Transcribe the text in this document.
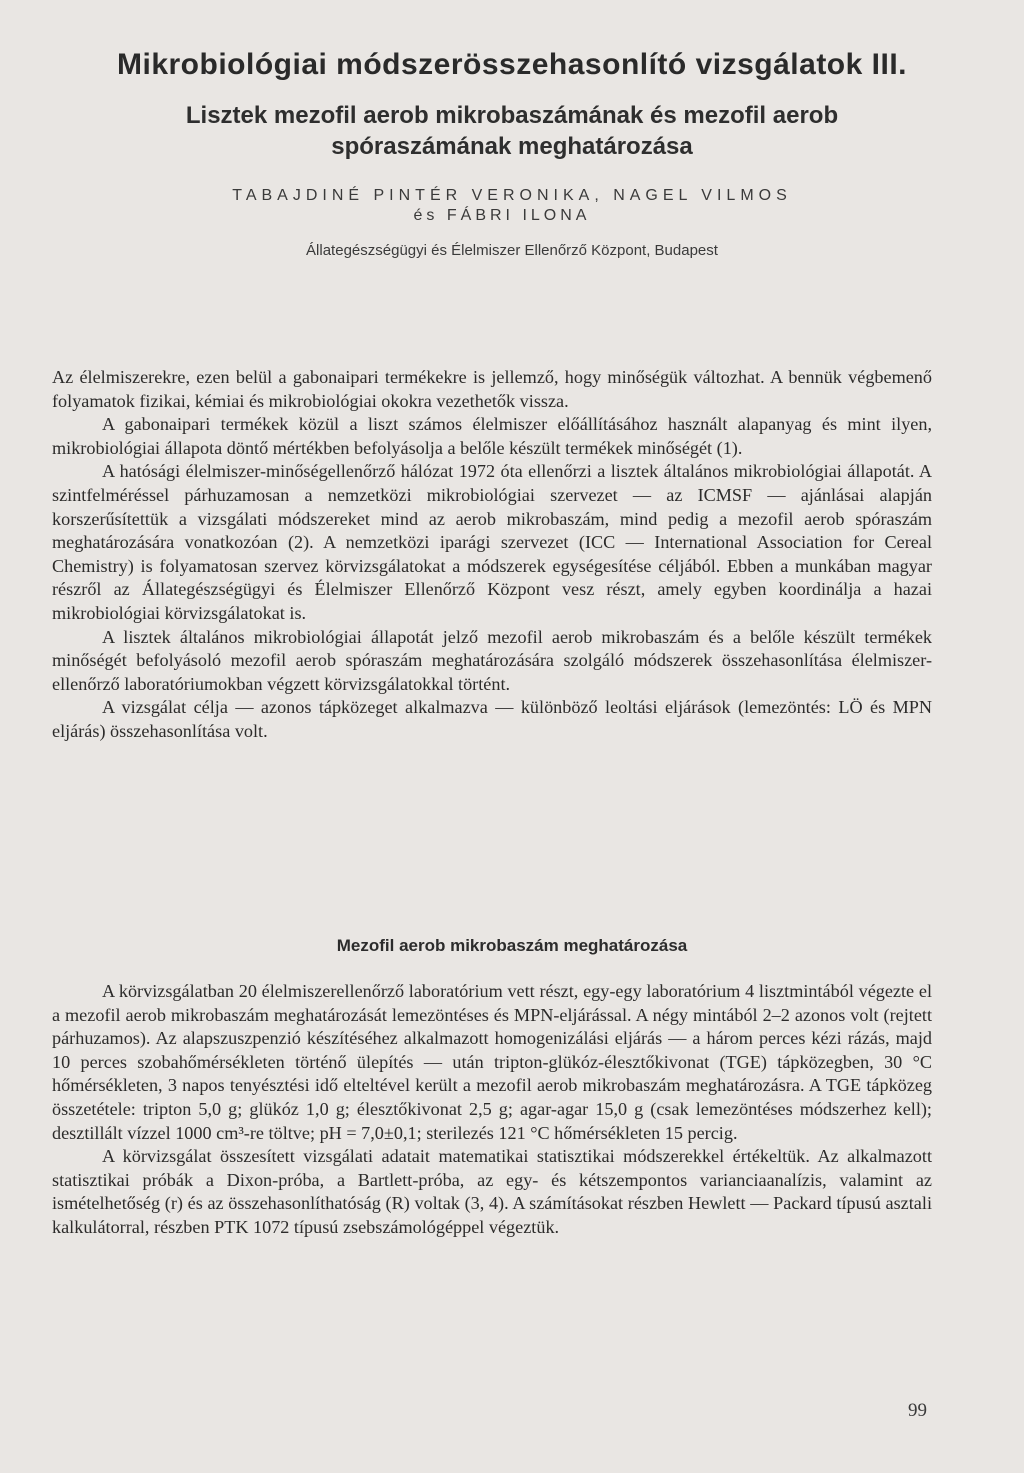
Mikrobiológiai módszerösszehasonlító vizsgálatok III.
Lisztek mezofil aerob mikrobaszámának és mezofil aerob
spóraszámának meghatározása
TABAJDINÉ PINTÉR VERONIKA, NAGEL VILMOS
és FÁBRI ILONA
Állategészségügyi és Élelmiszer Ellenőrző Központ, Budapest

Az élelmiszerekre, ezen belül a gabonaipari termékekre is jellemző, hogy minőségük változhat. A bennük végbemenő folyamatok fizikai, kémiai és mikrobiológiai okokra vezethetők vissza.

A gabonaipari termékek közül a liszt számos élelmiszer előállításához használt alapanyag és mint ilyen, mikrobiológiai állapota döntő mértékben befolyásolja a belőle készült termékek minőségét (1).

A hatósági élelmiszer-minőségellenőrző hálózat 1972 óta ellenőrzi a lisztek általános mikrobiológiai állapotát. A szintfelméréssel párhuzamosan a nemzetközi mikrobiológiai szervezet — az ICMSF — ajánlásai alapján korszerűsítettük a vizsgálati módszereket mind az aerob mikrobaszám, mind pedig a mezofil aerob spóraszám meghatározására vonatkozóan (2). A nemzetközi iparági szervezet (ICC — International Association for Cereal Chemistry) is folyamatosan szervez körvizsgálatokat a módszerek egységesítése céljából. Ebben a munkában magyar részről az Állategészségügyi és Élelmiszer Ellenőrző Központ vesz részt, amely egyben koordinálja a hazai mikrobiológiai körvizsgálatokat is.

A lisztek általános mikrobiológiai állapotát jelző mezofil aerob mikrobaszám és a belőle készült termékek minőségét befolyásoló mezofil aerob spóraszám meghatározására szolgáló módszerek összehasonlítása élelmiszer-ellenőrző laboratóriumokban végzett körvizsgálatokkal történt.

A vizsgálat célja — azonos tápközeget alkalmazva — különböző leoltási eljárások (lemezöntés: LÖ és MPN eljárás) összehasonlítása volt.

Mezofil aerob mikrobaszám meghatározása

A körvizsgálatban 20 élelmiszerellenőrző laboratórium vett részt, egy-egy laboratórium 4 lisztmintából végezte el a mezofil aerob mikrobaszám meghatározását lemezöntéses és MPN-eljárással. A négy mintából 2–2 azonos volt (rejtett párhuzamos). Az alapszuszpenzió készítéséhez alkalmazott homogenizálási eljárás — a három perces kézi rázás, majd 10 perces szobahőmérsékleten történő ülepítés — után tripton-glükóz-élesztőkivonat (TGE) tápközegben, 30 °C hőmérsékleten, 3 napos tenyésztési idő elteltével került a mezofil aerob mikrobaszám meghatározásra. A TGE tápközeg összetétele: tripton 5,0 g; glükóz 1,0 g; élesztőkivonat 2,5 g; agar-agar 15,0 g (csak lemezöntéses módszerhez kell); desztillált vízzel 1000 cm³-re töltve; pH = 7,0±0,1; sterilezés 121 °C hőmérsékleten 15 percig.

A körvizsgálat összesített vizsgálati adatait matematikai statisztikai módszerekkel értékeltük. Az alkalmazott statisztikai próbák a Dixon-próba, a Bartlett-próba, az egy- és kétszempontos varianciaanalízis, valamint az ismételhetőség (r) és az összehasonlíthatóság (R) voltak (3, 4). A számításokat részben Hewlett — Packard típusú asztali kalkulátorral, részben PTK 1072 típusú zsebszámológéppel végeztük.

99
